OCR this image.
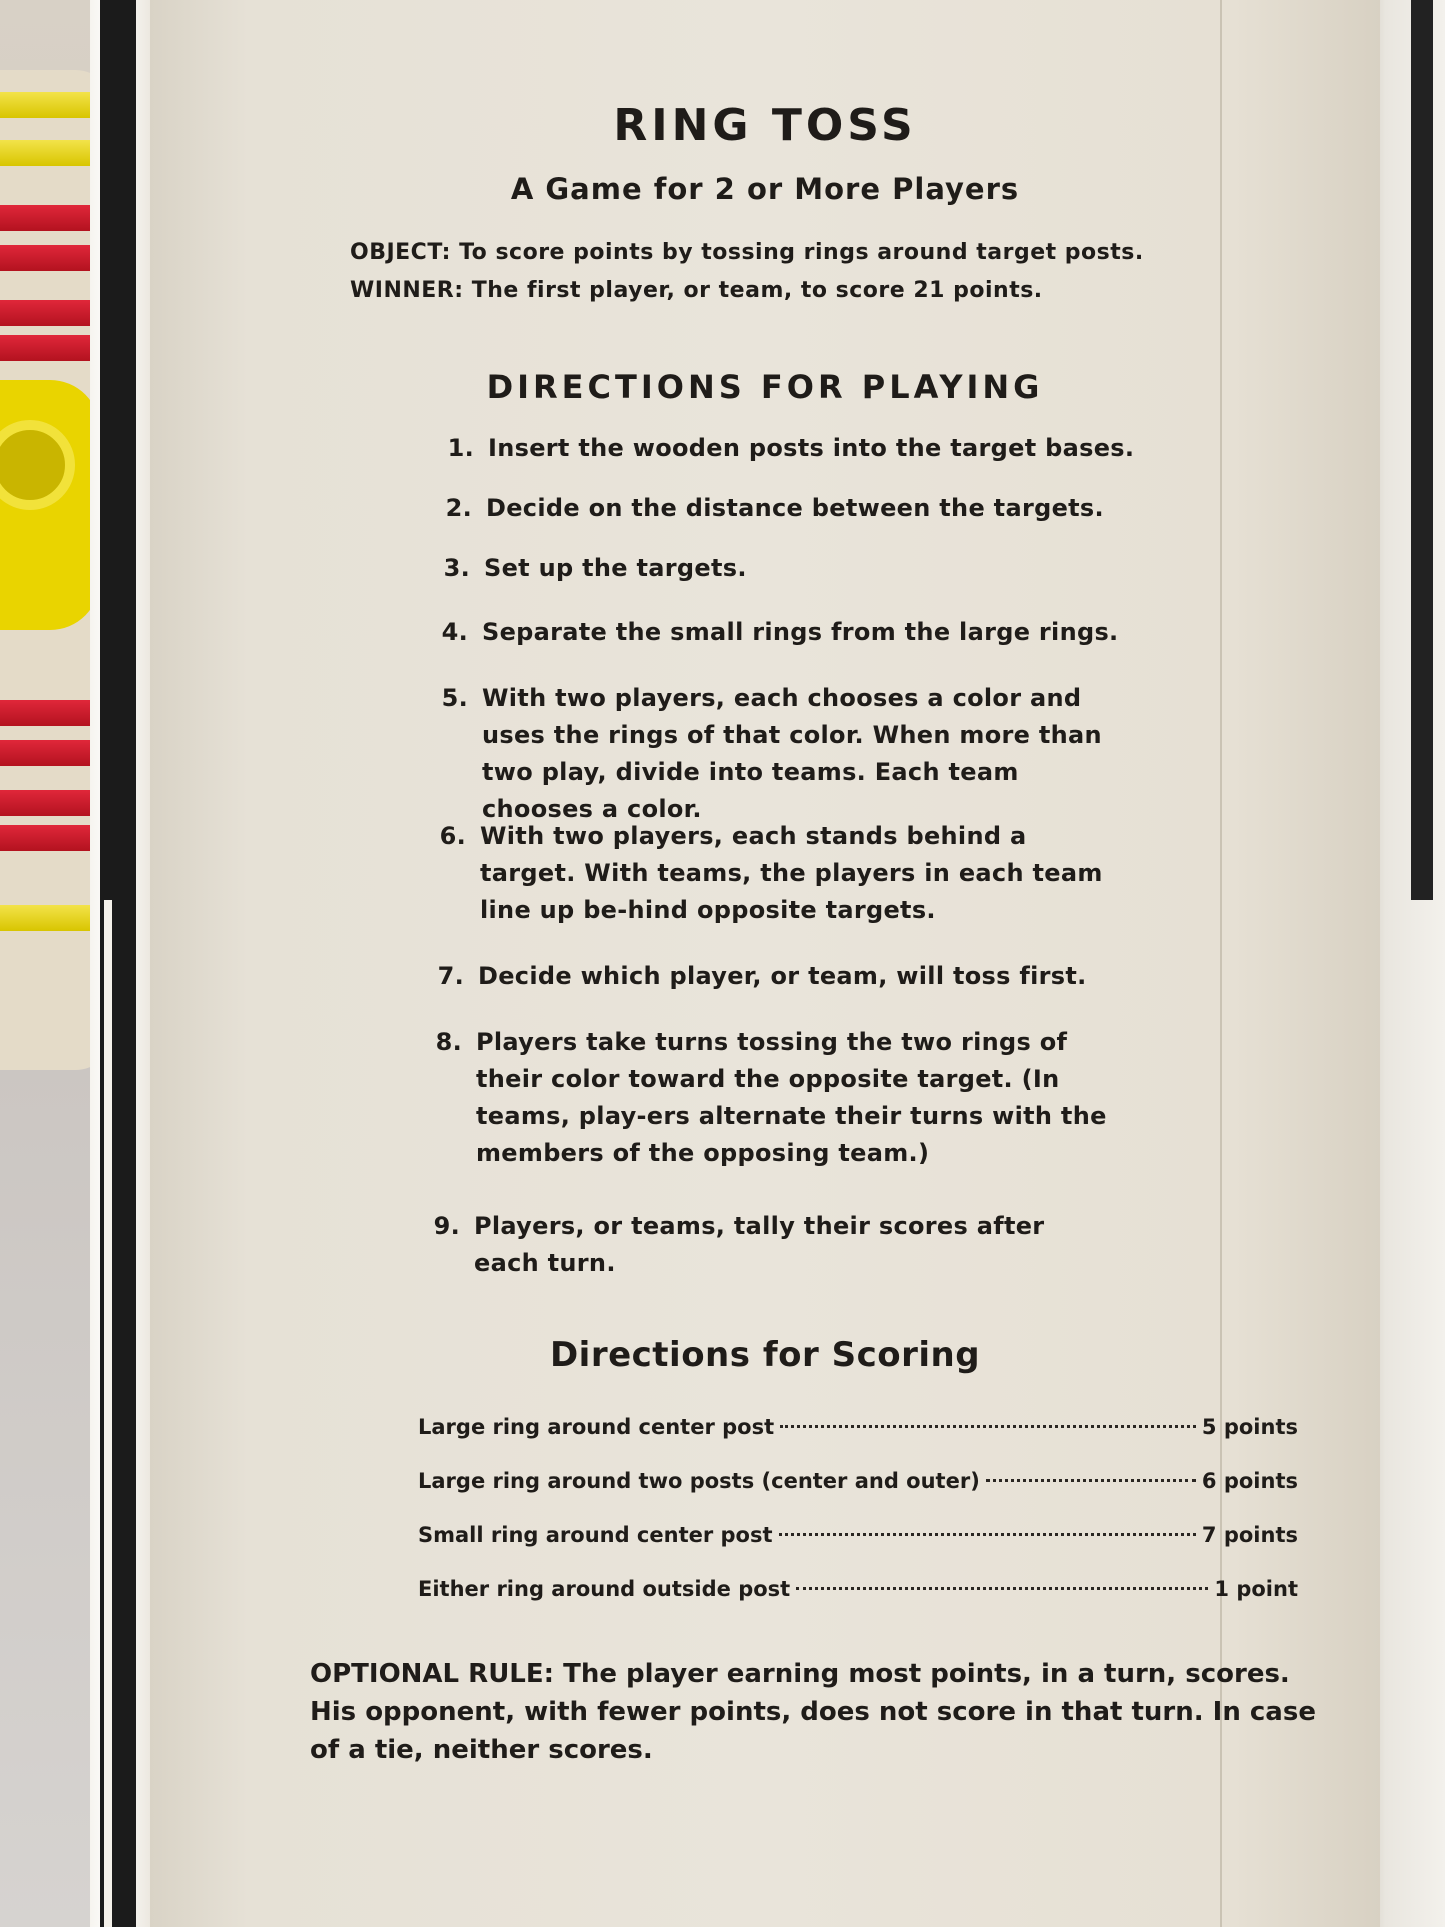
RING TOSS
A Game for 2 or More Players
OBJECT: To score points by tossing rings around target posts.
WINNER: The first player, or team, to score 21 points.
DIRECTIONS FOR PLAYING
1. Insert the wooden posts into the target bases.
2. Decide on the distance between the targets.
3. Set up the targets.
4. Separate the small rings from the large rings.
5. With two players, each chooses a color and uses the rings of that color. When more than two play, divide into teams. Each team chooses a color.
6. With two players, each stands behind a target. With teams, the players in each team line up be-hind opposite targets.
7. Decide which player, or team, will toss first.
8. Players take turns tossing the two rings of their color toward the opposite target. (In teams, play-ers alternate their turns with the members of the opposing team.)
9. Players, or teams, tally their scores after each turn.
Directions for Scoring
Large ring around center post	5 points
Large ring around two posts (center and outer)	6 points
Small ring around center post	7 points
Either ring around outside post	1 point
OPTIONAL RULE: The player earning most points, in a turn, scores. His opponent, with fewer points, does not score in that turn. In case of a tie, neither scores.
